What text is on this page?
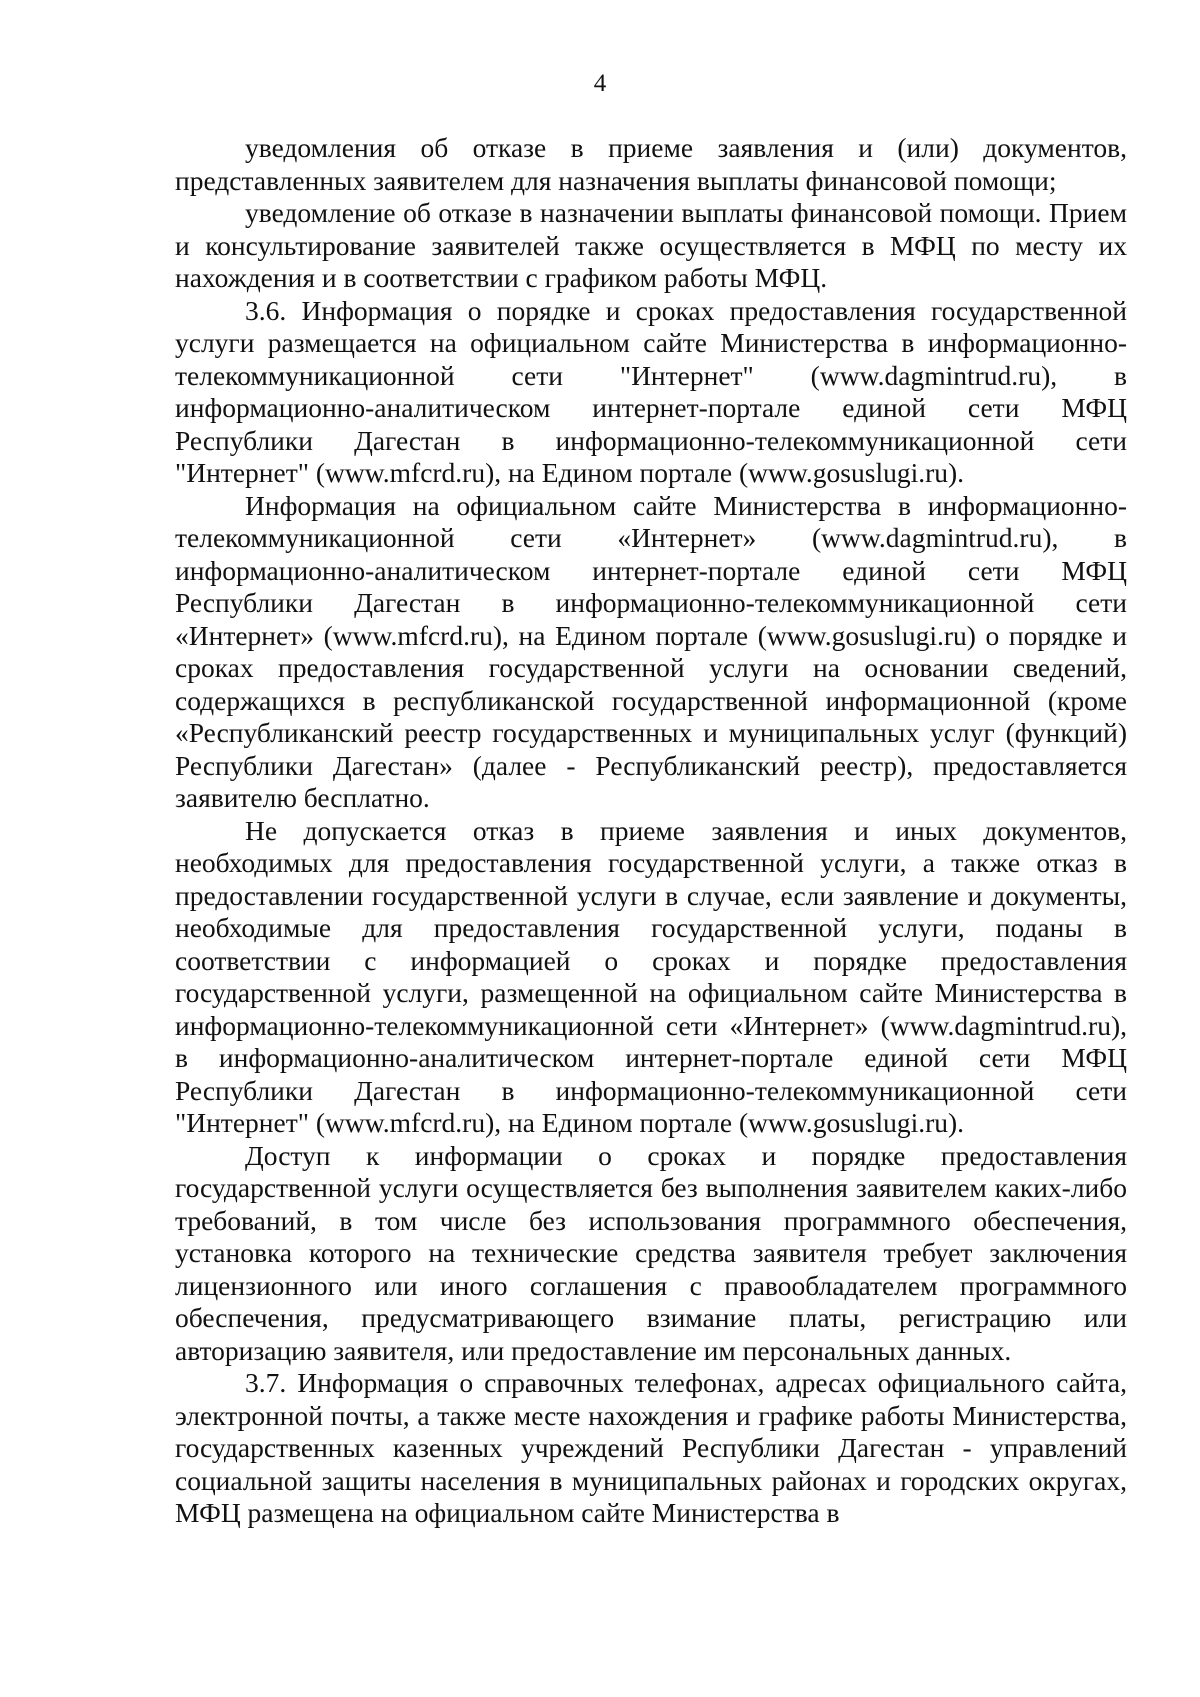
4

уведомления об отказе в приеме заявления и (или) документов, представленных заявителем для назначения выплаты финансовой помощи;

уведомление об отказе в назначении выплаты финансовой помощи. Прием и консультирование заявителей также осуществляется в МФЦ по месту их нахождения и в соответствии с графиком работы МФЦ.

3.6. Информация о порядке и сроках предоставления государственной услуги размещается на официальном сайте Министерства в информационно-телекоммуникационной сети "Интернет" (www.dagmintrud.ru), в информационно-аналитическом интернет-портале единой сети МФЦ Республики Дагестан в информационно-телекоммуникационной сети "Интернет" (www.mfcrd.ru), на Едином портале (www.gosuslugi.ru).

Информация на официальном сайте Министерства в информационно-телекоммуникационной сети «Интернет» (www.dagmintrud.ru), в информационно-аналитическом интернет-портале единой сети МФЦ Республики Дагестан в информационно-телекоммуникационной сети «Интернет» (www.mfcrd.ru), на Едином портале (www.gosuslugi.ru) о порядке и сроках предоставления государственной услуги на основании сведений, содержащихся в республиканской государственной информационной (кроме «Республиканский реестр государственных и муниципальных услуг (функций) Республики Дагестан» (далее - Республиканский реестр), предоставляется заявителю бесплатно.

Не допускается отказ в приеме заявления и иных документов, необходимых для предоставления государственной услуги, а также отказ в предоставлении государственной услуги в случае, если заявление и документы, необходимые для предоставления государственной услуги, поданы в соответствии с информацией о сроках и порядке предоставления государственной услуги, размещенной на официальном сайте Министерства в информационно-телекоммуникационной сети «Интернет» (www.dagmintrud.ru), в информационно-аналитическом интернет-портале единой сети МФЦ Республики Дагестан в информационно-телекоммуникационной сети "Интернет" (www.mfcrd.ru), на Едином портале (www.gosuslugi.ru).

Доступ к информации о сроках и порядке предоставления государственной услуги осуществляется без выполнения заявителем каких-либо требований, в том числе без использования программного обеспечения, установка которого на технические средства заявителя требует заключения лицензионного или иного соглашения с правообладателем программного обеспечения, предусматривающего взимание платы, регистрацию или авторизацию заявителя, или предоставление им персональных данных.

3.7. Информация о справочных телефонах, адресах официального сайта, электронной почты, а также месте нахождения и графике работы Министерства, государственных казенных учреждений Республики Дагестан - управлений социальной защиты населения в муниципальных районах и городских округах, МФЦ размещена на официальном сайте Министерства в
